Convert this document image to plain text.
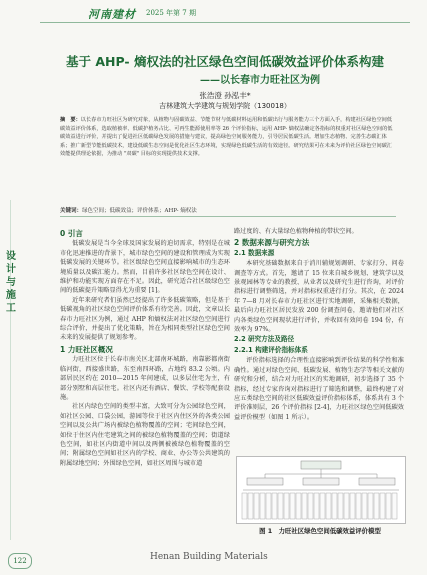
河南建材 2025 年第 7 期
设
计
与
施
工
基于 AHP- 熵权法的社区绿色空间低碳效益评价体系构建
——以长春市力旺社区为例
张浩澄 孙泓丰*
吉林建筑大学建筑与规划学院（130018）
摘　要：以长春市力旺社区为研究对象，从植物与固碳效益、节能节材与低碳材料运用和低碳出行与服务能力三个方面入手，构建社区绿色空间低碳效益评价体系，选取植被率、低碳护植务占比、可再生能源使用率等 26 个评价指标，运用 AHP- 熵权法确定各指标的权重对社区绿色空间的低碳效益进行评价，并提出了促进社区低碳绿色发展的措施与建议，提高绿色空间服务能力，引导居民低碳生活。增加生态植物、完善生态碳汇体系；推广新型节能低碳技术，建设低碳生态空间是优化社区生态环境，实现绿色低碳生活的有效途径。研究结果可在未来为评价社区绿色空间碳汇效能提供理论依据，为推动 "双碳" 目标的实现提供技术支撑。
关键词：绿色空间；低碳效益；评价体系；AHP- 熵权法
0 引言

低碳发展是当今全球及国家发展的迫切需求，特别是在城市化迅速推进的背景下，城市绿色空间的建设和管理成为实现低碳发展的关键环节。社区级绿色空间直接影响城市的生态环境质量以及碳汇能力。然而，目前许多社区绿色空间在设计、维护和功能实现方面存在不足。因此，研究适合社区级绿色空间的低碳提升策略显得尤为重要 [1]。

近年来研究者们虽然已经提出了许多低碳策略，但是基于低碳视角的社区绿色空间评价体系有待完善。因此，文章以长春市力旺社区为例，通过 AHP 和熵权法对社区绿色空间进行综合评价，并提出了优化策略，旨在为相同类型社区绿色空间未来的发展提供了规划参考。

1 力旺社区概况

力旺社区位于长春市南关区北部南环城路，南靠影都南街临河街，西接盛世路，东至南四环路，占地约 83.2 公顷。内部居民区约在 2010—2015 年间建成，以多层住宅为主，有部分别墅和高层住宅。社区内还有酒店、餐饮、学校等配套设施。

社区内绿色空间的类型丰富，大致可分为公园绿色空间，如社区公园、口袋公园，游园等位于社区内住区外的各类公园空间以及公共广场内被绿色植物覆盖的空间；宅间绿色空间，如位于住区内住宅建筑之间的被绿色植物覆盖的空间；街道绿色空间，如社区内街道中间以及两侧被被绿色植物覆盖的空间；附属绿色空间如社区内的学校、商业、办公等公共建筑的附属绿地空间；外围绿色空间，如社区周围与城市道

路过度的、有大量绿色植物种植的带状空间。

2 数据来源与研究方法
2.1 数据来源

本研究基础数据来自于消川辅规划调研、专家打分、问卷调查等方式。首先，邀请了 15 位来自城乡规划、建筑学以及景观园林等专业的教授、从业者以及研究生进行咨询，对评价指标进行调整筛选，并对指标权重进行打分。其次，在 2024 年 7—8 月对长春市力旺社区进行实地调研，采集相关数据，最后向力旺社区居民发放 200 份调查问卷，邀请他们对社区内各类绿色空间现状进行评价，并收回有效问卷 194 份，有效率为 97%。

2.2 研究方法及路径
2.2.1 构建评价指标体系

评价指标选择的合理性直接影响到评价结果的科学性和准确性。通过对绿色空间、低碳发展、植物生态学等相关文献的研究和分析，结合对力旺社区的实地调研，初步选择了 35 个指标，经过专家咨询对指标进行了筛选和调整，最终构建了对应五类绿色空间的社区低碳效益评价指标体系，体系共有 3 个评价准则层，26 个评价指标 [2-4]，力旺社区绿色空间低碳效益评价模型（如图 1 所示）。

图 1　力旺社区绿色空间低碳效益评价模型
122	Henan Building Materials
